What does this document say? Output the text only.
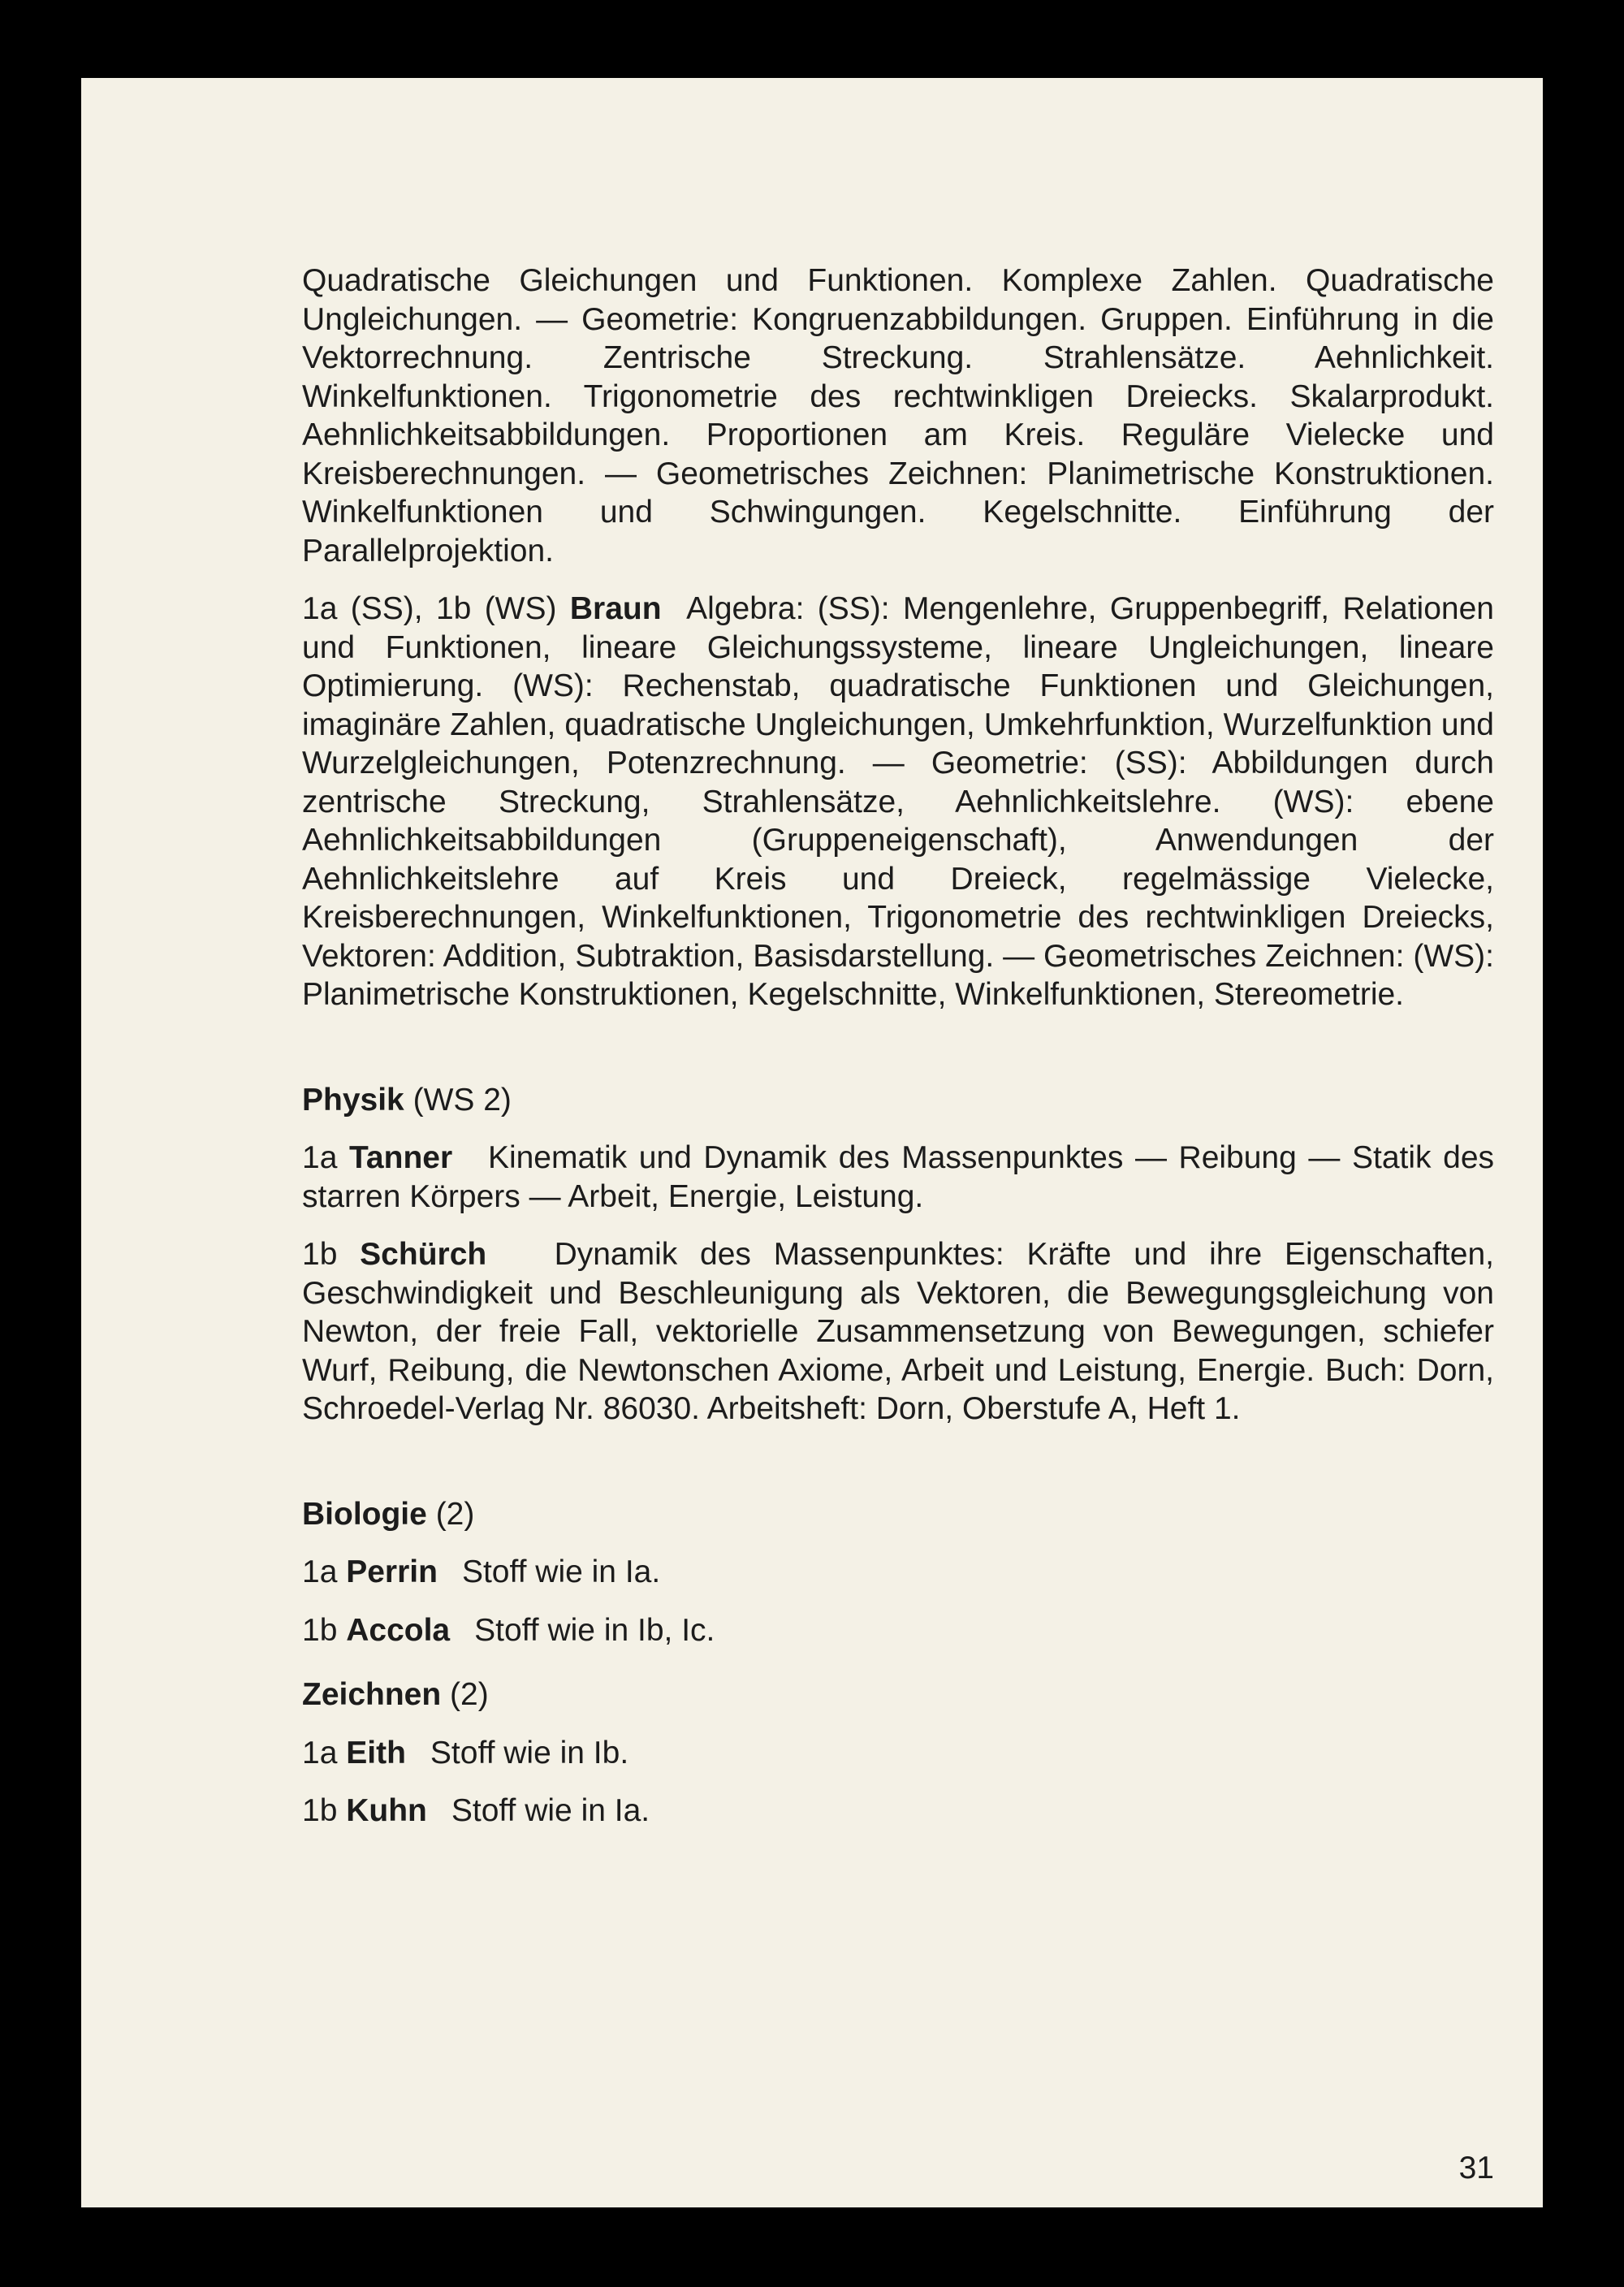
Quadratische Gleichungen und Funktionen. Komplexe Zahlen. Quadratische Ungleichungen. — Geometrie: Kongruenzabbildungen. Gruppen. Einführung in die Vektorrechnung. Zentrische Streckung. Strahlensätze. Aehnlichkeit. Winkelfunktionen. Trigonometrie des rechtwinkligen Dreiecks. Skalarprodukt. Aehnlichkeitsabbildungen. Proportionen am Kreis. Reguläre Vielecke und Kreisberechnungen. — Geometrisches Zeichnen: Planimetrische Konstruktionen. Winkelfunktionen und Schwingungen. Kegelschnitte. Einführung der Parallelprojektion.

1a (SS), 1b (WS) Braun Algebra: (SS): Mengenlehre, Gruppenbegriff, Relationen und Funktionen, lineare Gleichungssysteme, lineare Ungleichungen, lineare Optimierung. (WS): Rechenstab, quadratische Funktionen und Gleichungen, imaginäre Zahlen, quadratische Ungleichungen, Umkehrfunktion, Wurzelfunktion und Wurzelgleichungen, Potenzrechnung. — Geometrie: (SS): Abbildungen durch zentrische Streckung, Strahlensätze, Aehnlichkeitslehre. (WS): ebene Aehnlichkeitsabbildungen (Gruppeneigenschaft), Anwendungen der Aehnlichkeitslehre auf Kreis und Dreieck, regelmässige Vielecke, Kreisberechnungen, Winkelfunktionen, Trigonometrie des rechtwinkligen Dreiecks, Vektoren: Addition, Subtraktion, Basisdarstellung. — Geometrisches Zeichnen: (WS): Planimetrische Konstruktionen, Kegelschnitte, Winkelfunktionen, Stereometrie.

Physik (WS 2)

1a Tanner Kinematik und Dynamik des Massenpunktes — Reibung — Statik des starren Körpers — Arbeit, Energie, Leistung.

1b Schürch Dynamik des Massenpunktes: Kräfte und ihre Eigenschaften, Geschwindigkeit und Beschleunigung als Vektoren, die Bewegungsgleichung von Newton, der freie Fall, vektorielle Zusammensetzung von Bewegungen, schiefer Wurf, Reibung, die Newtonschen Axiome, Arbeit und Leistung, Energie. Buch: Dorn, Schroedel-Verlag Nr. 86030. Arbeitsheft: Dorn, Oberstufe A, Heft 1.

Biologie (2)
1a Perrin Stoff wie in Ia.
1b Accola Stoff wie in Ib, Ic.
Zeichnen (2)
1a Eith Stoff wie in Ib.
1b Kuhn Stoff wie in Ia.
31
